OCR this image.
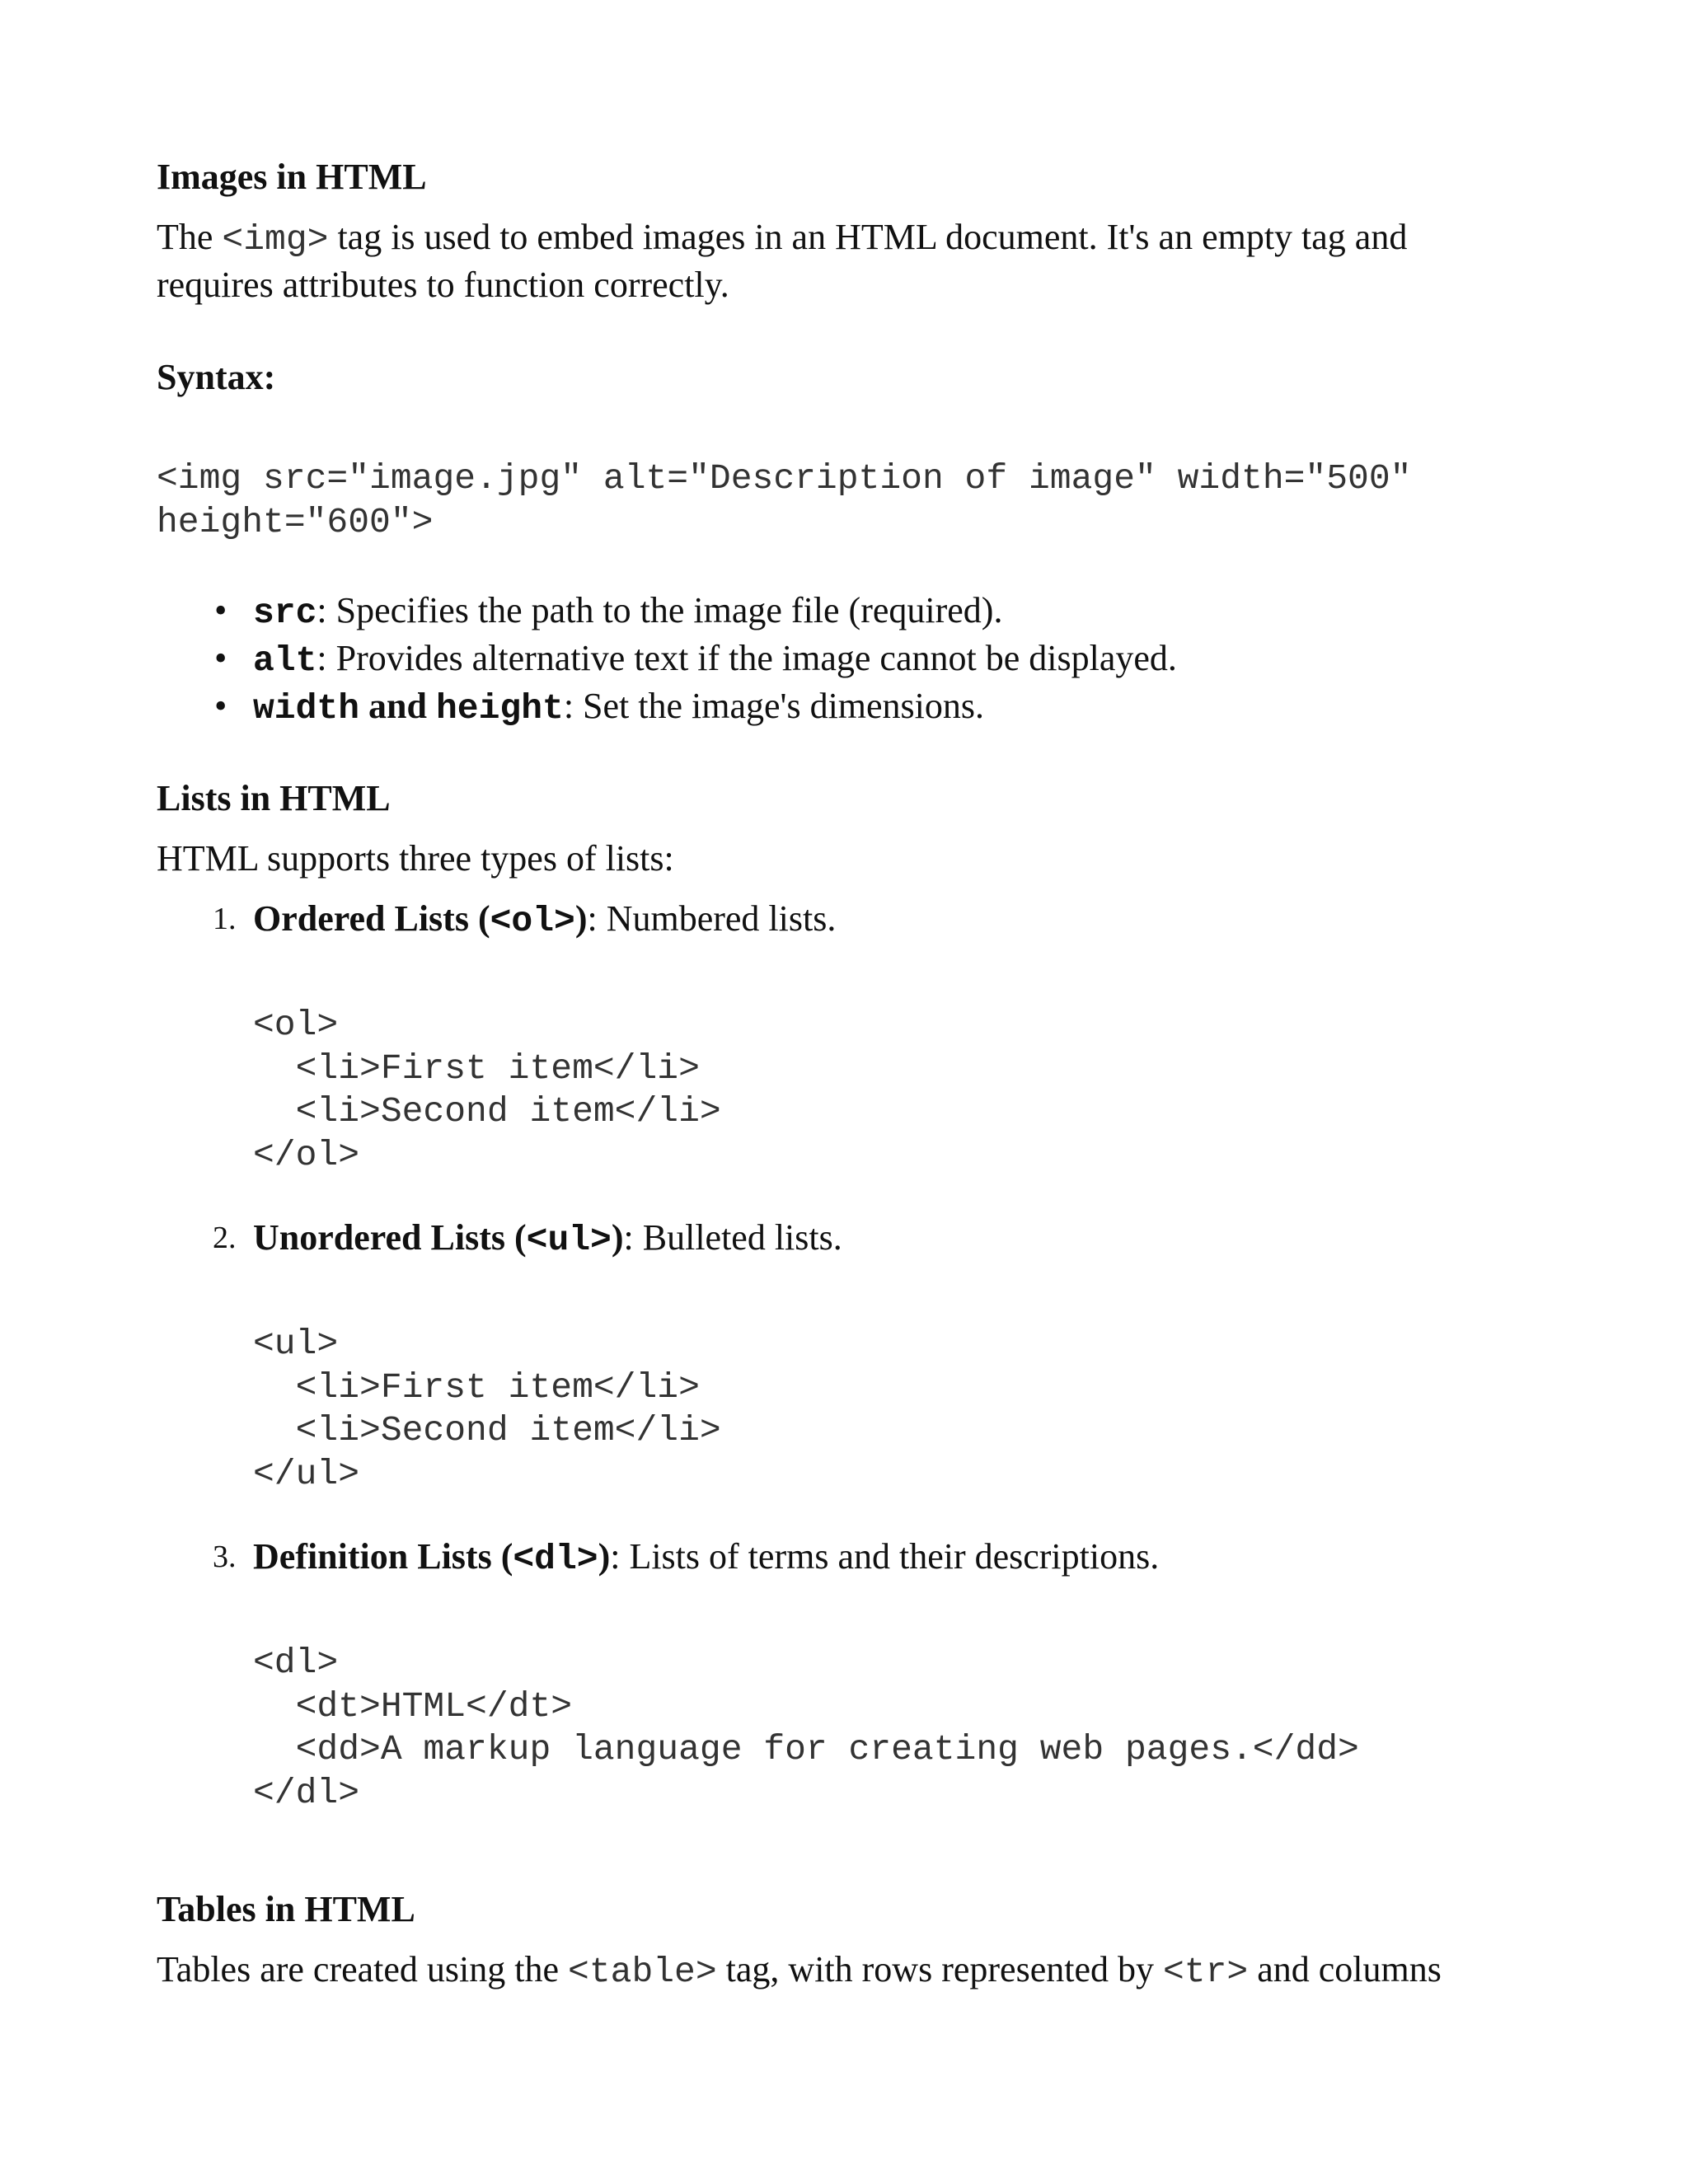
Images in HTML
The <img> tag is used to embed images in an HTML document. It's an empty tag and
requires attributes to function correctly.
Syntax:
<img src="image.jpg" alt="Description of image" width="500"
height="600">
• src: Specifies the path to the image file (required).
• alt: Provides alternative text if the image cannot be displayed.
• width and height: Set the image's dimensions.
Lists in HTML
HTML supports three types of lists:
1. Ordered Lists (<ol>): Numbered lists.
<ol>
<li>First item</li>
<li>Second item</li>
</ol>
2. Unordered Lists (<ul>): Bulleted lists.
<ul>
<li>First item</li>
<li>Second item</li>
</ul>
3. Definition Lists (<dl>): Lists of terms and their descriptions.
<dl>
<dt>HTML</dt>
<dd>A markup language for creating web pages.</dd>
</dl>
Tables in HTML
Tables are created using the <table> tag, with rows represented by <tr> and columns
